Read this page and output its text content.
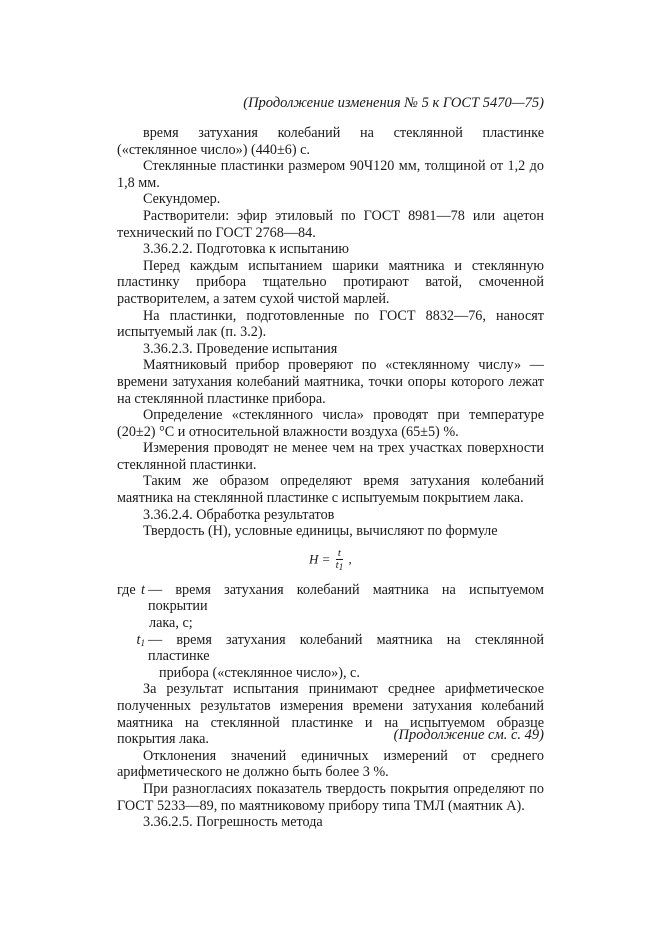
(Продолжение изменения № 5 к ГОСТ 5470—75)

время затухания колебаний на стеклянной пластинке («стеклянное число») (440±6) с.

Стеклянные пластинки размером 90Ч120 мм, толщиной от 1,2 до 1,8 мм.

Секундомер.

Растворители: эфир этиловый по ГОСТ 8981—78 или ацетон технический по ГОСТ 2768—84.

3.36.2.2. Подготовка к испытанию

Перед каждым испытанием шарики маятника и стеклянную пластинку прибора тщательно протирают ватой, смоченной растворителем, а затем сухой чистой марлей.

На пластинки, подготовленные по ГОСТ 8832—76, наносят испытуемый лак (п. 3.2).

3.36.2.3. Проведение испытания

Маятниковый прибор проверяют по «стеклянному числу» — времени затухания колебаний маятника, точки опоры которого лежат на стеклянной пластинке прибора.

Определение «стеклянного числа» проводят при температуре (20±2) °С и относительной влажности воздуха (65±5) %.

Измерения проводят не менее чем на трех участках поверхности стеклянной пластинки.

Таким же образом определяют время затухания колебаний маятника на стеклянной пластинке с испытуемым покрытием лака.

3.36.2.4. Обработка результатов

Твердость (H), условные единицы, вычисляют по формуле

$H = \frac{t}{t_1}$ ,
где t — время затухания колебаний маятника на испытуемом покрытии
лака, с;
$t_1$ — время затухания колебаний маятника на стеклянной пластинке
прибора («стеклянное число»), с.

За результат испытания принимают среднее арифметическое полученных результатов измерения времени затухания колебаний маятника на стеклянной пластинке и на испытуемом образце покрытия лака.

Отклонения значений единичных измерений от среднего арифметического не должно быть более 3 %.

При разногласиях показатель твердость покрытия определяют по ГОСТ 5233—89, по маятниковому прибору типа ТМЛ (маятник А).

3.36.2.5. Погрешность метода

(Продолжение см. с. 49)
